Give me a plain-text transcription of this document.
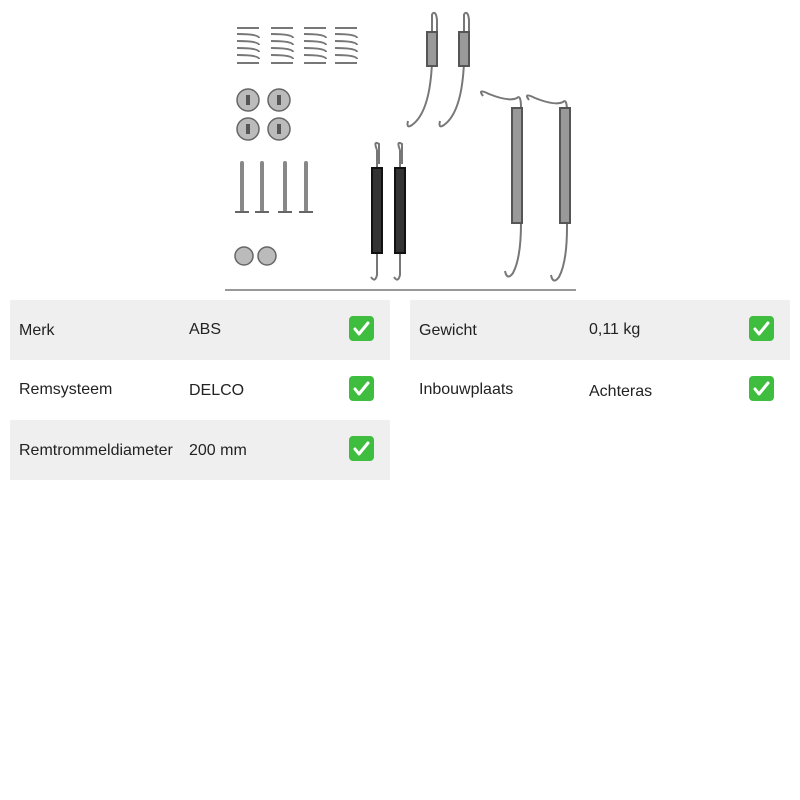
Merk	ABS	Gewicht	0,11 kg
Remsysteem	DELCO	Inbouwplaats	Achteras
Remtrommeldiameter 200 mm
